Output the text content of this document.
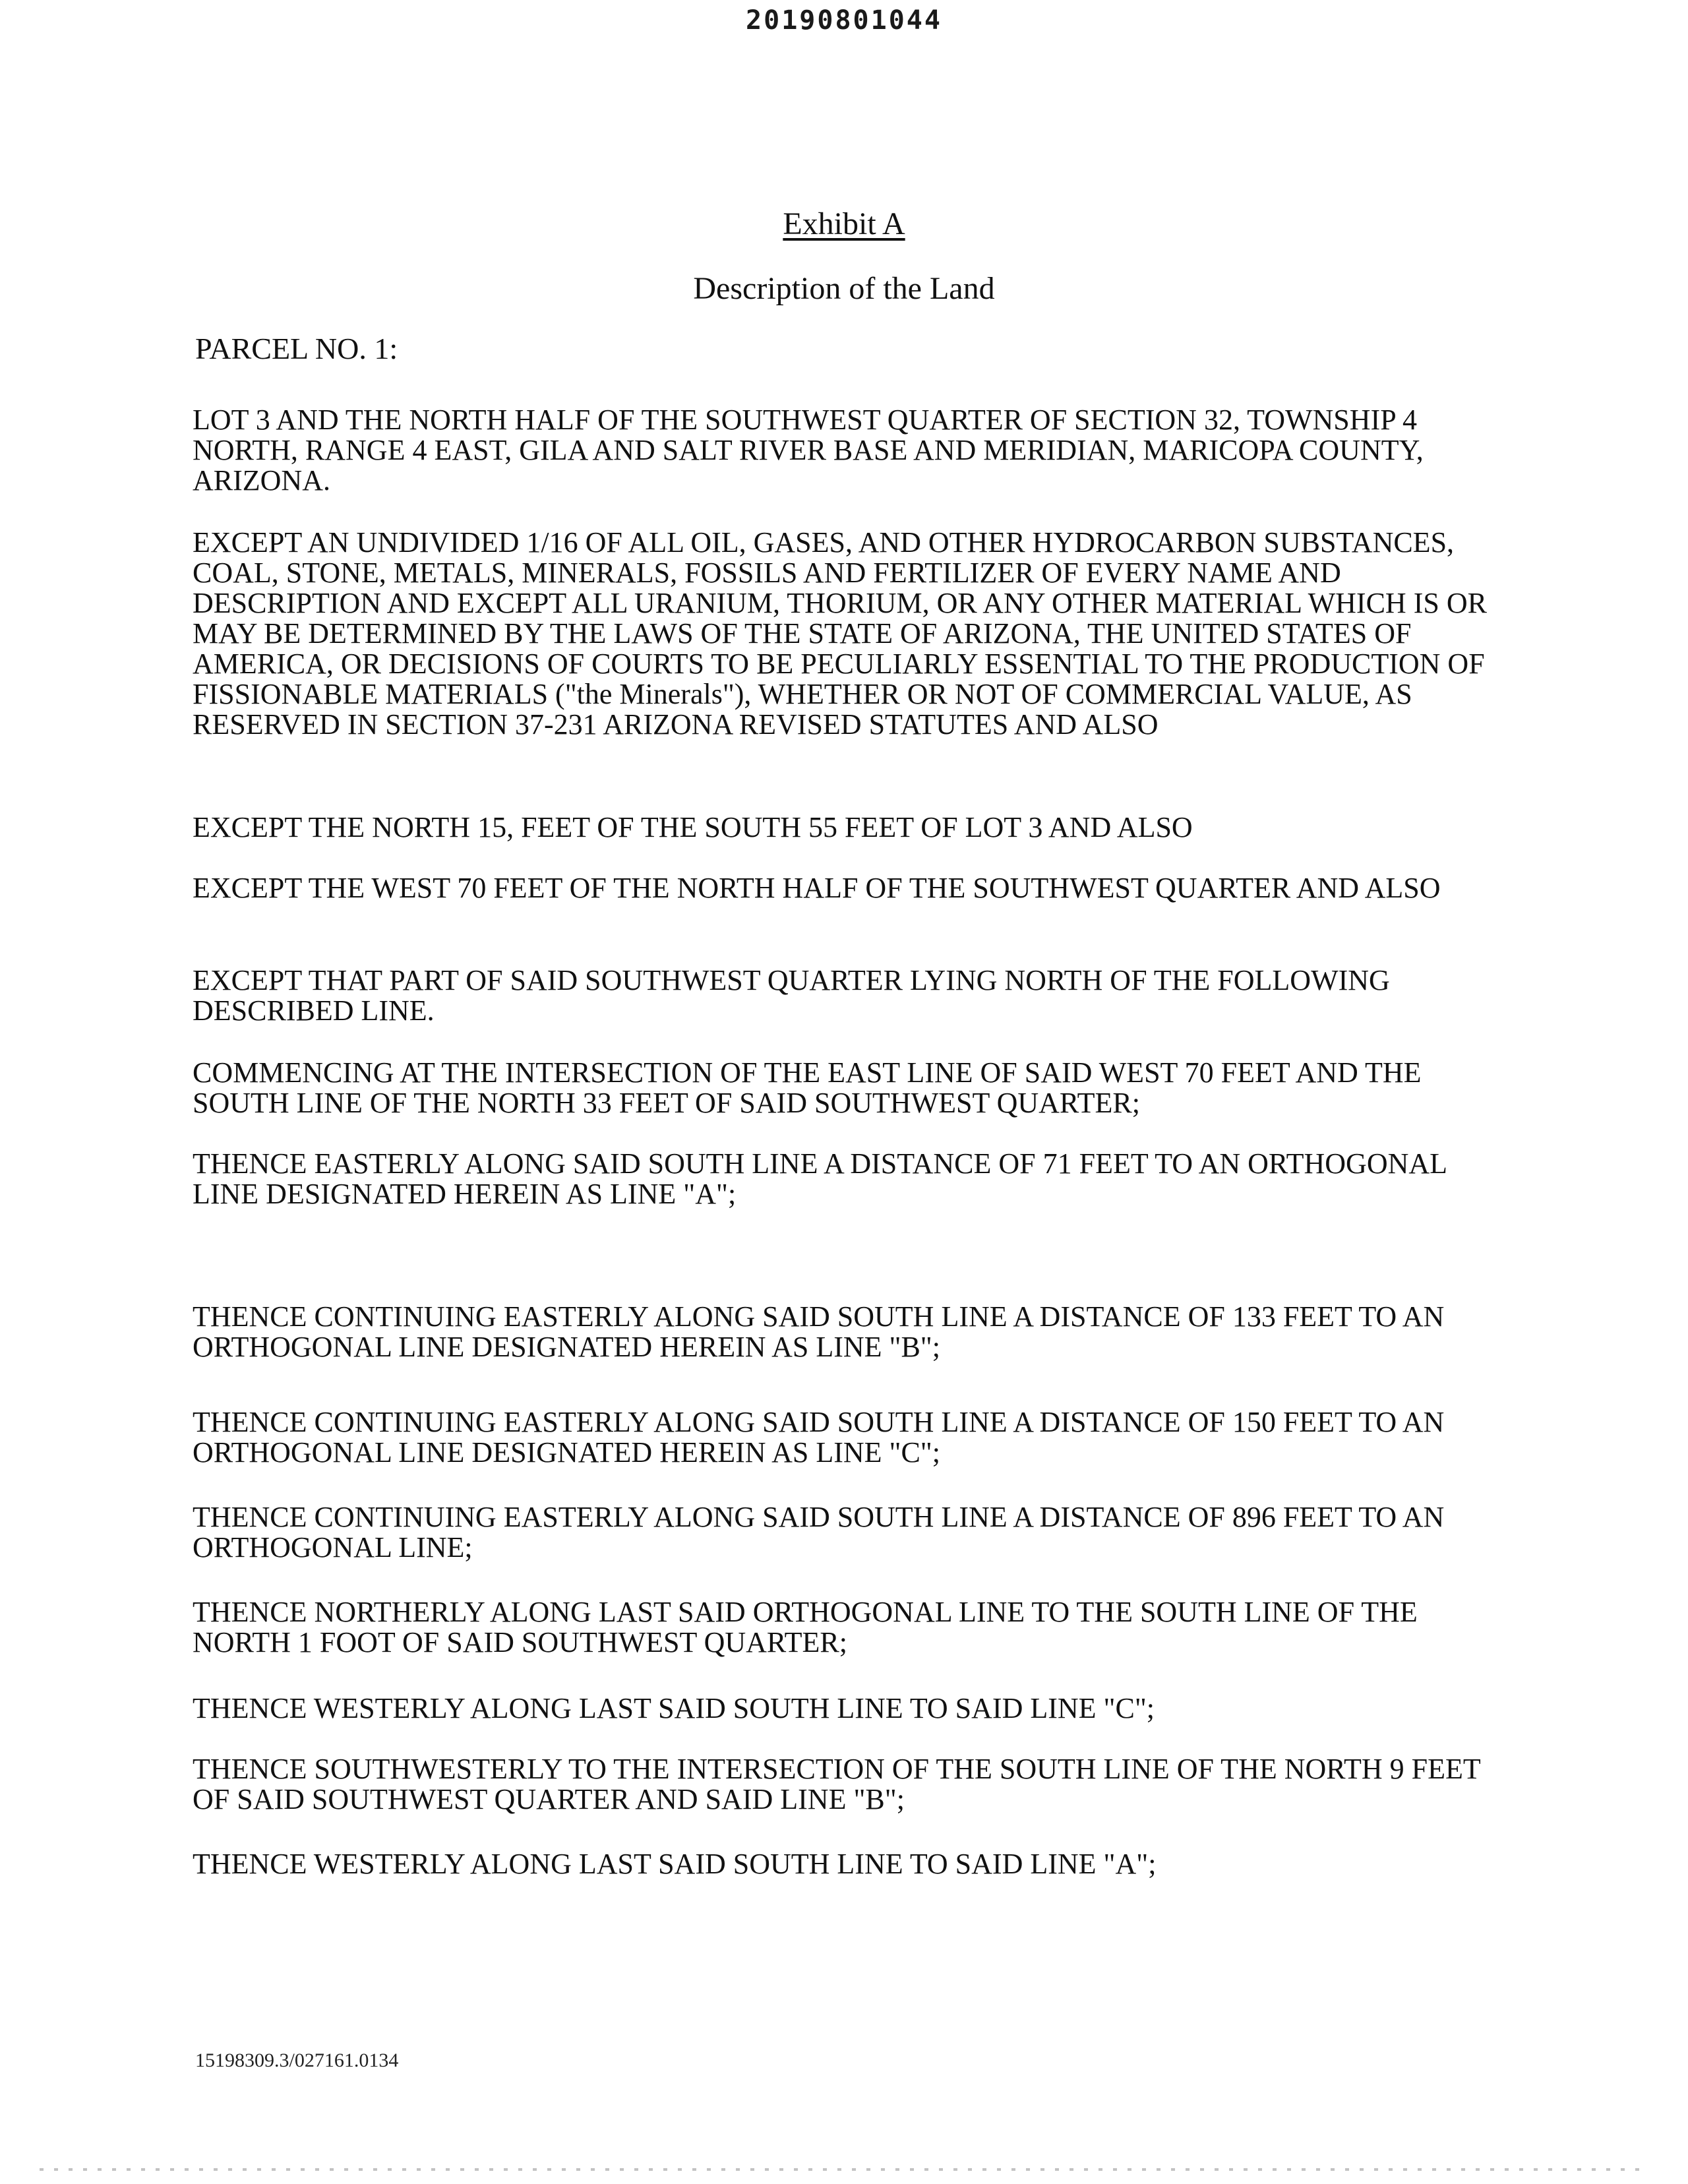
20190801044
Exhibit A
Description of the Land
PARCEL NO. 1:

LOT 3 AND THE NORTH HALF OF THE SOUTHWEST QUARTER OF SECTION 32, TOWNSHIP 4 NORTH, RANGE 4 EAST, GILA AND SALT RIVER BASE AND MERIDIAN, MARICOPA COUNTY, ARIZONA.

EXCEPT AN UNDIVIDED 1/16 OF ALL OIL, GASES, AND OTHER HYDROCARBON SUBSTANCES, COAL, STONE, METALS, MINERALS, FOSSILS AND FERTILIZER OF EVERY NAME AND DESCRIPTION AND EXCEPT ALL URANIUM, THORIUM, OR ANY OTHER MATERIAL WHICH IS OR MAY BE DETERMINED BY THE LAWS OF THE STATE OF ARIZONA, THE UNITED STATES OF AMERICA, OR DECISIONS OF COURTS TO BE PECULIARLY ESSENTIAL TO THE PRODUCTION OF FISSIONABLE MATERIALS ("the Minerals"), WHETHER OR NOT OF COMMERCIAL VALUE, AS RESERVED IN SECTION 37-231 ARIZONA REVISED STATUTES AND ALSO

EXCEPT THE NORTH 15, FEET OF THE SOUTH 55 FEET OF LOT 3 AND ALSO

EXCEPT THE WEST 70 FEET OF THE NORTH HALF OF THE SOUTHWEST QUARTER AND ALSO

EXCEPT THAT PART OF SAID SOUTHWEST QUARTER LYING NORTH OF THE FOLLOWING DESCRIBED LINE.

COMMENCING AT THE INTERSECTION OF THE EAST LINE OF SAID WEST 70 FEET AND THE SOUTH LINE OF THE NORTH 33 FEET OF SAID SOUTHWEST QUARTER;

THENCE EASTERLY ALONG SAID SOUTH LINE A DISTANCE OF 71 FEET TO AN ORTHOGONAL LINE DESIGNATED HEREIN AS LINE "A";

THENCE CONTINUING EASTERLY ALONG SAID SOUTH LINE A DISTANCE OF 133 FEET TO AN ORTHOGONAL LINE DESIGNATED HEREIN AS LINE "B";

THENCE CONTINUING EASTERLY ALONG SAID SOUTH LINE A DISTANCE OF 150 FEET TO AN ORTHOGONAL LINE DESIGNATED HEREIN AS LINE "C";

THENCE CONTINUING EASTERLY ALONG SAID SOUTH LINE A DISTANCE OF 896 FEET TO AN ORTHOGONAL LINE;

THENCE NORTHERLY ALONG LAST SAID ORTHOGONAL LINE TO THE SOUTH LINE OF THE NORTH 1 FOOT OF SAID SOUTHWEST QUARTER;

THENCE WESTERLY ALONG LAST SAID SOUTH LINE TO SAID LINE "C";

THENCE SOUTHWESTERLY TO THE INTERSECTION OF THE SOUTH LINE OF THE NORTH 9 FEET OF SAID SOUTHWEST QUARTER AND SAID LINE "B";

THENCE WESTERLY ALONG LAST SAID SOUTH LINE TO SAID LINE "A";

15198309.3/027161.0134
